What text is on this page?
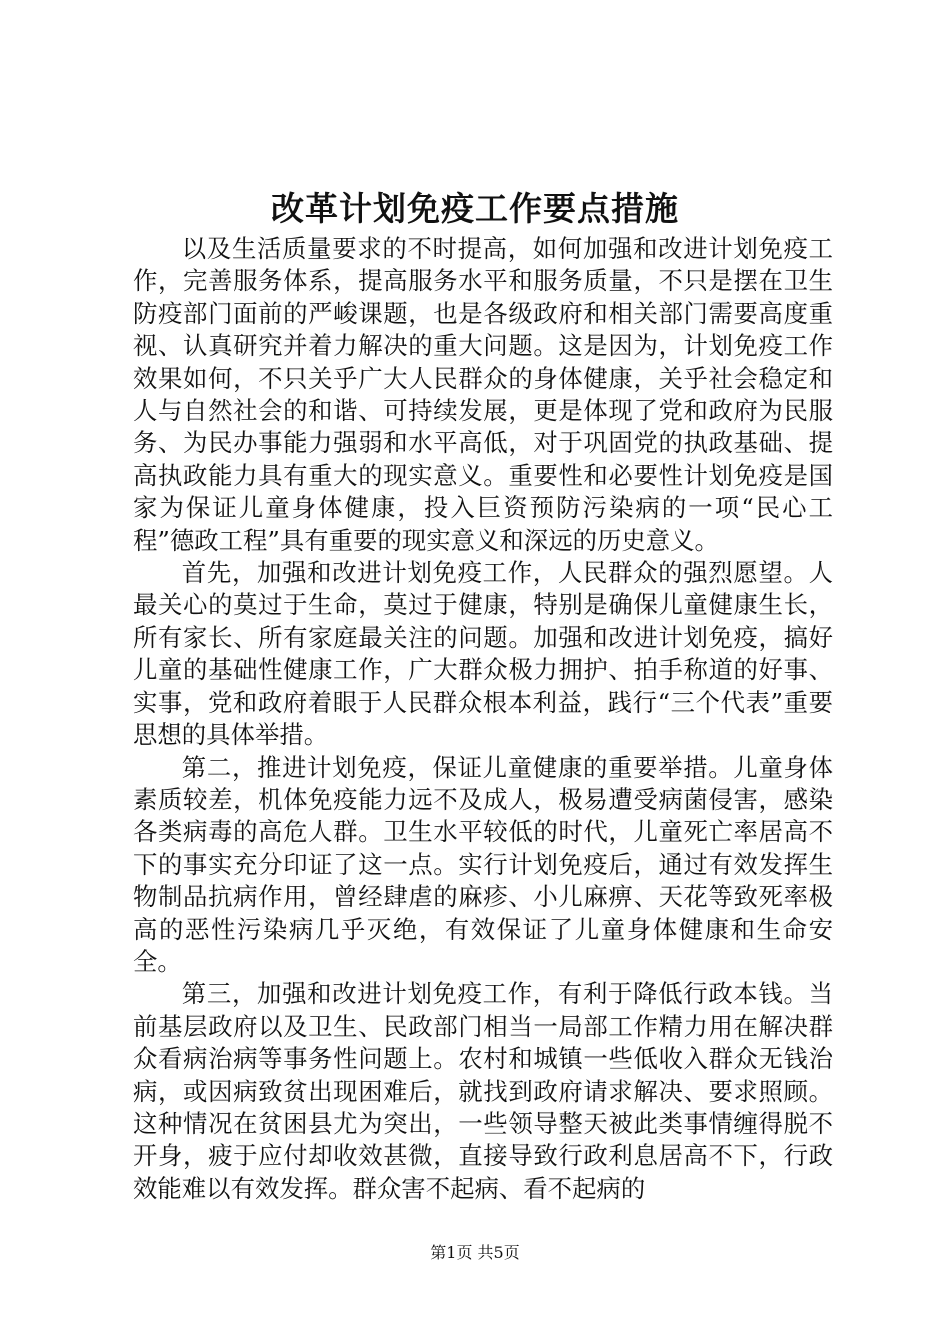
改革计划免疫工作要点措施

以及生活质量要求的不时提高，如何加强和改进计划免疫工作，完善服务体系，提高服务水平和服务质量，不只是摆在卫生防疫部门面前的严峻课题，也是各级政府和相关部门需要高度重视、认真研究并着力解决的重大问题。这是因为，计划免疫工作效果如何，不只关乎广大人民群众的身体健康，关乎社会稳定和人与自然社会的和谐、可持续发展，更是体现了党和政府为民服务、为民办事能力强弱和水平高低，对于巩固党的执政基础、提高执政能力具有重大的现实意义。重要性和必要性计划免疫是国家为保证儿童身体健康，投入巨资预防污染病的一项“民心工程”德政工程”具有重要的现实意义和深远的历史意义。

首先，加强和改进计划免疫工作，人民群众的强烈愿望。人最关心的莫过于生命，莫过于健康，特别是确保儿童健康生长，所有家长、所有家庭最关注的问题。加强和改进计划免疫，搞好儿童的基础性健康工作，广大群众极力拥护、拍手称道的好事、实事，党和政府着眼于人民群众根本利益，践行“三个代表”重要思想的具体举措。

第二，推进计划免疫，保证儿童健康的重要举措。儿童身体素质较差，机体免疫能力远不及成人，极易遭受病菌侵害，感染各类病毒的高危人群。卫生水平较低的时代，儿童死亡率居高不下的事实充分印证了这一点。实行计划免疫后，通过有效发挥生物制品抗病作用，曾经肆虐的麻疹、小儿麻痹、天花等致死率极高的恶性污染病几乎灭绝，有效保证了儿童身体健康和生命安全。

第三，加强和改进计划免疫工作，有利于降低行政本钱。当前基层政府以及卫生、民政部门相当一局部工作精力用在解决群众看病治病等事务性问题上。农村和城镇一些低收入群众无钱治病，或因病致贫出现困难后，就找到政府请求解决、要求照顾。这种情况在贫困县尤为突出，一些领导整天被此类事情缠得脱不开身，疲于应付却收效甚微，直接导致行政利息居高不下，行政效能难以有效发挥。群众害不起病、看不起病的

第1页 共5页
